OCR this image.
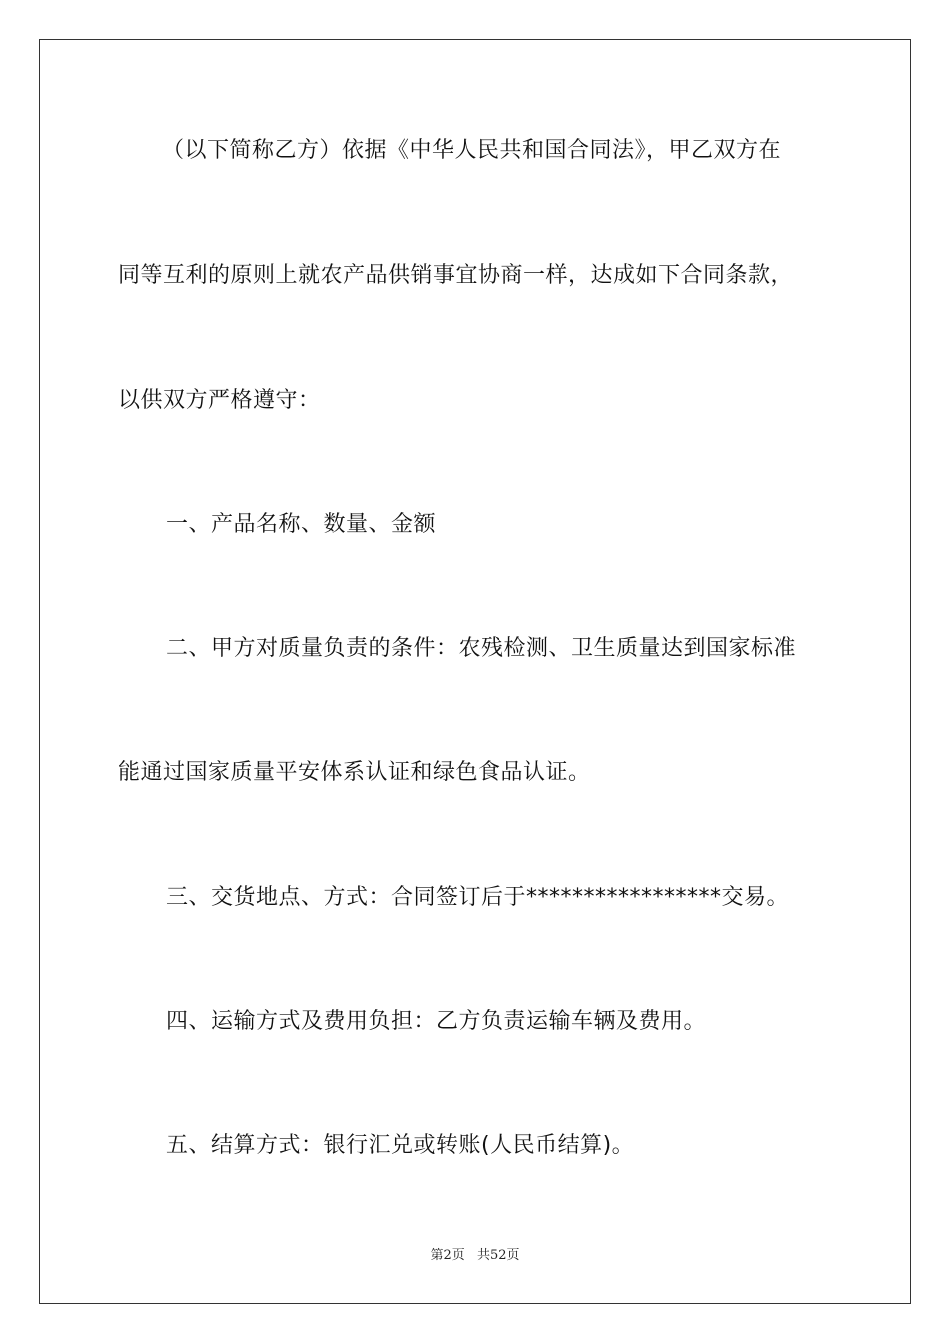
（以下简称乙方）依据《中华人民共和国合同法》，甲乙双方在
同等互利的原则上就农产品供销事宜协商一样，达成如下合同条款，
以供双方严格遵守：
一、产品名称、数量、金额
二、甲方对质量负责的条件：农残检测、卫生质量达到国家标准
能通过国家质量平安体系认证和绿色食品认证。
三、交货地点、方式：合同签订后于*****************交易。
四、运输方式及费用负担：乙方负责运输车辆及费用。
五、结算方式：银行汇兑或转账(人民币结算)。
第2页 共52页
